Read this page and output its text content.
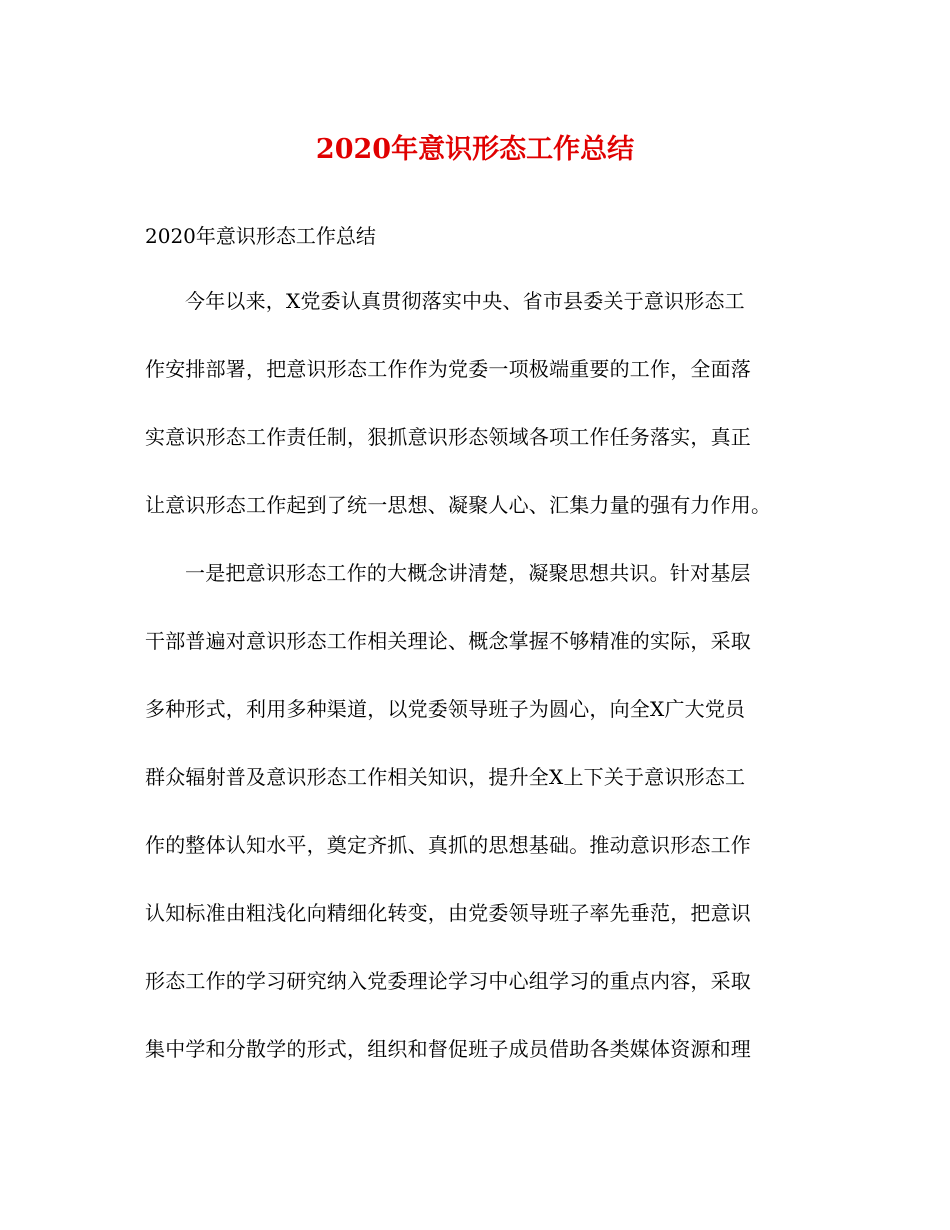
2020年意识形态工作总结
2020年意识形态工作总结
今年以来，X党委认真贯彻落实中央、省市县委关于意识形态工
作安排部署，把意识形态工作作为党委一项极端重要的工作，全面落
实意识形态工作责任制，狠抓意识形态领域各项工作任务落实，真正
让意识形态工作起到了统一思想、凝聚人心、汇集力量的强有力作用。
一是把意识形态工作的大概念讲清楚，凝聚思想共识。针对基层
干部普遍对意识形态工作相关理论、概念掌握不够精准的实际，采取
多种形式，利用多种渠道，以党委领导班子为圆心，向全X广大党员
群众辐射普及意识形态工作相关知识，提升全X上下关于意识形态工
作的整体认知水平，奠定齐抓、真抓的思想基础。推动意识形态工作
认知标准由粗浅化向精细化转变，由党委领导班子率先垂范，把意识
形态工作的学习研究纳入党委理论学习中心组学习的重点内容，采取
集中学和分散学的形式，组织和督促班子成员借助各类媒体资源和理
